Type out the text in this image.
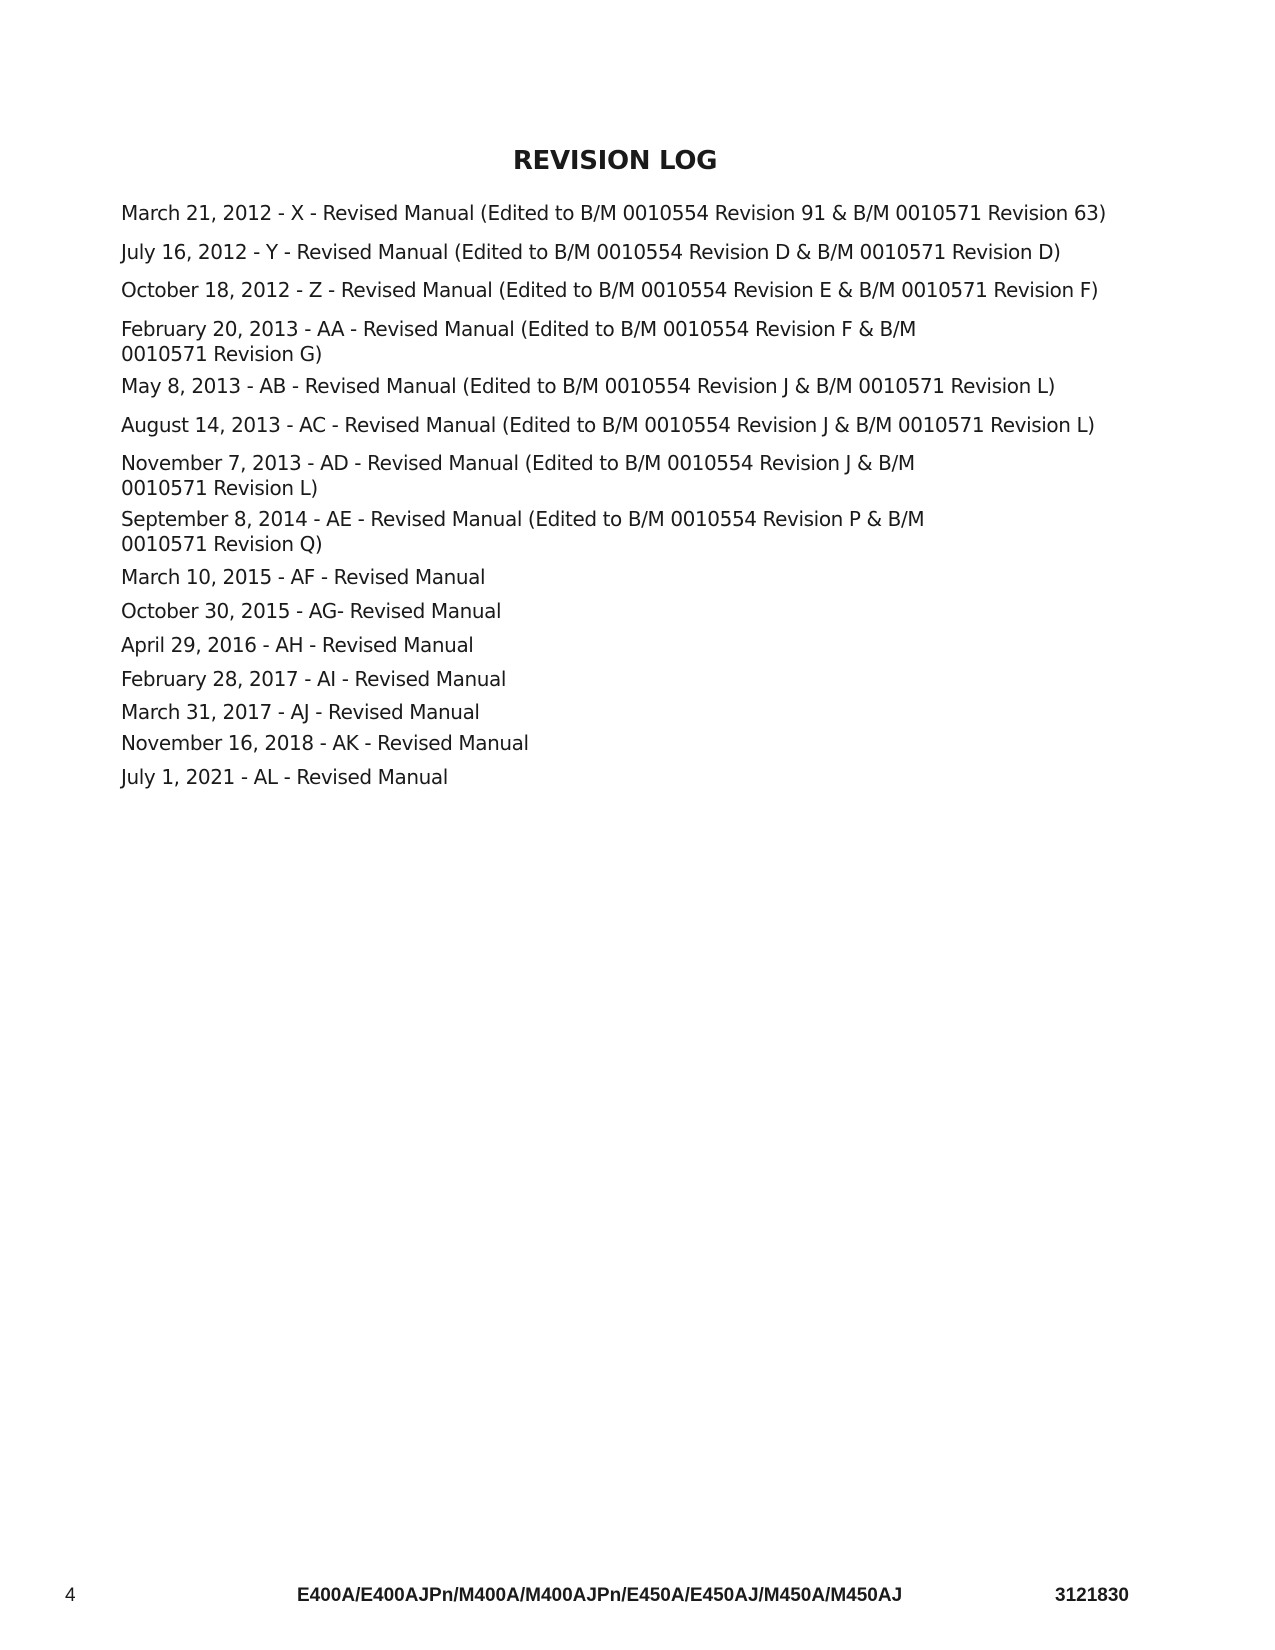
REVISION LOG
March 21, 2012 - X - Revised Manual (Edited to B/M 0010554 Revision 91 & B/M 0010571 Revision 63)
July 16, 2012 - Y - Revised Manual (Edited to B/M 0010554 Revision D & B/M 0010571 Revision D)
October 18, 2012 - Z - Revised Manual (Edited to B/M 0010554 Revision E & B/M 0010571 Revision F)
February 20, 2013 - AA - Revised Manual (Edited to B/M 0010554 Revision F & B/M 0010571 Revision G)
May 8, 2013 - AB - Revised Manual (Edited to B/M 0010554 Revision J & B/M 0010571 Revision L)
August 14, 2013 - AC - Revised Manual (Edited to B/M 0010554 Revision J & B/M 0010571 Revision L)
November 7, 2013 - AD - Revised Manual (Edited to B/M 0010554 Revision J & B/M 0010571 Revision L)
September 8, 2014 - AE - Revised Manual (Edited to B/M 0010554 Revision P & B/M 0010571 Revision Q)
March 10, 2015 - AF - Revised Manual
October 30, 2015 - AG- Revised Manual
April 29, 2016 - AH - Revised Manual
February 28, 2017 - AI - Revised Manual
March 31, 2017 - AJ - Revised Manual
November 16, 2018 - AK - Revised Manual
July 1, 2021 - AL - Revised Manual
4	E400A/E400AJPn/M400A/M400AJPn/E450A/E450AJ/M450A/M450AJ	3121830
